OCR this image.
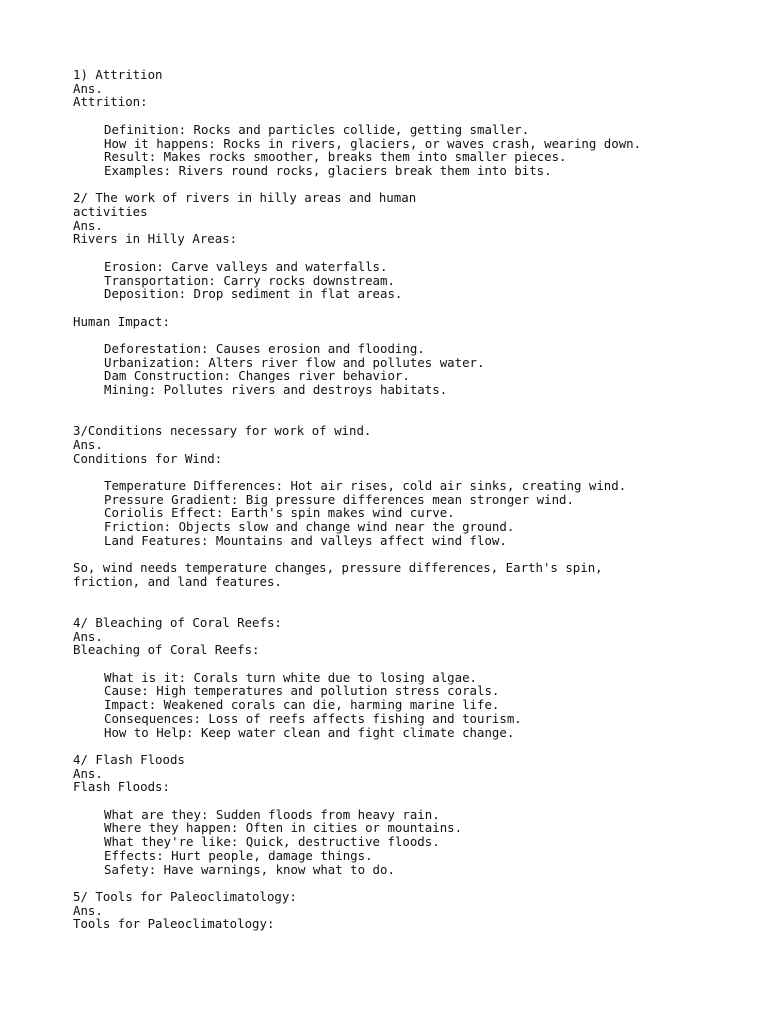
1) Attrition
Ans.
Attrition:
Definition: Rocks and particles collide, getting smaller.
How it happens: Rocks in rivers, glaciers, or waves crash, wearing down.
Result: Makes rocks smoother, breaks them into smaller pieces.
Examples: Rivers round rocks, glaciers break them into bits.
2/ The work of rivers in hilly areas and human
activities
Ans.
Rivers in Hilly Areas:
Erosion: Carve valleys and waterfalls.
Transportation: Carry rocks downstream.
Deposition: Drop sediment in flat areas.
Human Impact:
Deforestation: Causes erosion and flooding.
Urbanization: Alters river flow and pollutes water.
Dam Construction: Changes river behavior.
Mining: Pollutes rivers and destroys habitats.
3/Conditions necessary for work of wind.
Ans.
Conditions for Wind:
Temperature Differences: Hot air rises, cold air sinks, creating wind.
Pressure Gradient: Big pressure differences mean stronger wind.
Coriolis Effect: Earth's spin makes wind curve.
Friction: Objects slow and change wind near the ground.
Land Features: Mountains and valleys affect wind flow.
So, wind needs temperature changes, pressure differences, Earth's spin,
friction, and land features.
4/ Bleaching of Coral Reefs:
Ans.
Bleaching of Coral Reefs:
What is it: Corals turn white due to losing algae.
Cause: High temperatures and pollution stress corals.
Impact: Weakened corals can die, harming marine life.
Consequences: Loss of reefs affects fishing and tourism.
How to Help: Keep water clean and fight climate change.
4/ Flash Floods
Ans.
Flash Floods:
What are they: Sudden floods from heavy rain.
Where they happen: Often in cities or mountains.
What they're like: Quick, destructive floods.
Effects: Hurt people, damage things.
Safety: Have warnings, know what to do.
5/ Tools for Paleoclimatology:
Ans.
Tools for Paleoclimatology:
